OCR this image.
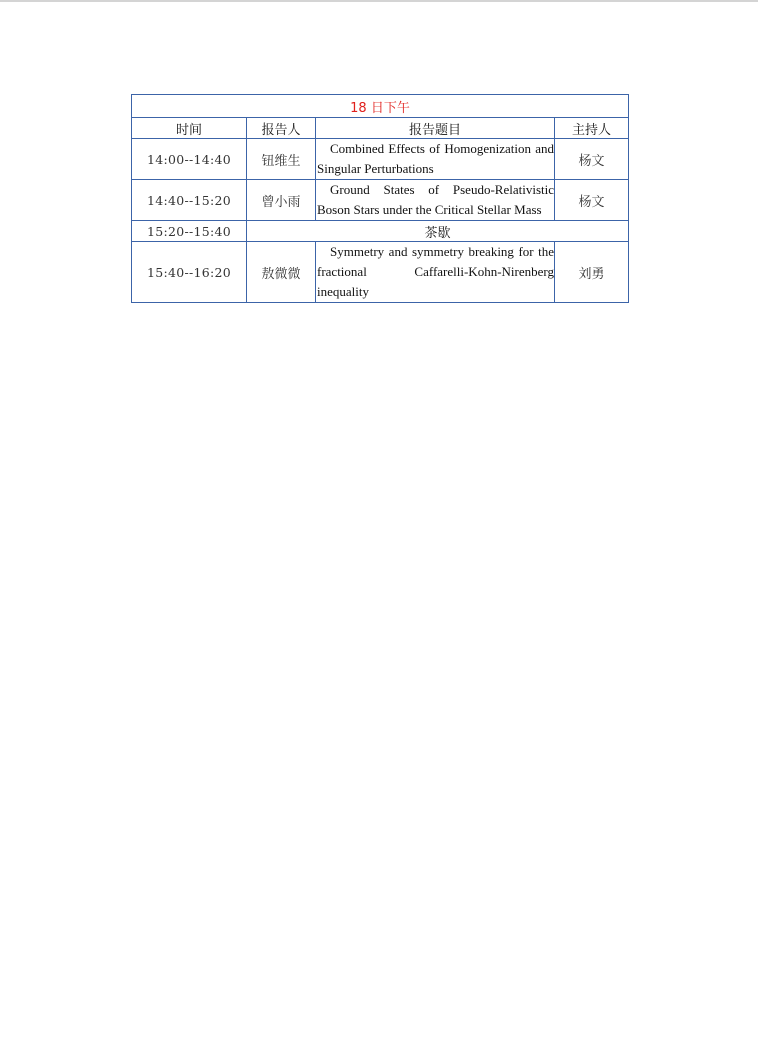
18 日下午			
时间	报告人	报告题目	主持人
14:00--14:40	钮维生	Combined Effects of Homogenization and Singular Perturbations	杨文
14:40--15:20	曾小雨	Ground States of Pseudo-Relativistic Boson Stars under the Critical Stellar Mass	杨文
15:20--15:40	茶歇		
15:40--16:20	敖微微	Symmetry and symmetry breaking for the fractional Caffarelli-Kohn-Nirenberg inequality	刘勇
